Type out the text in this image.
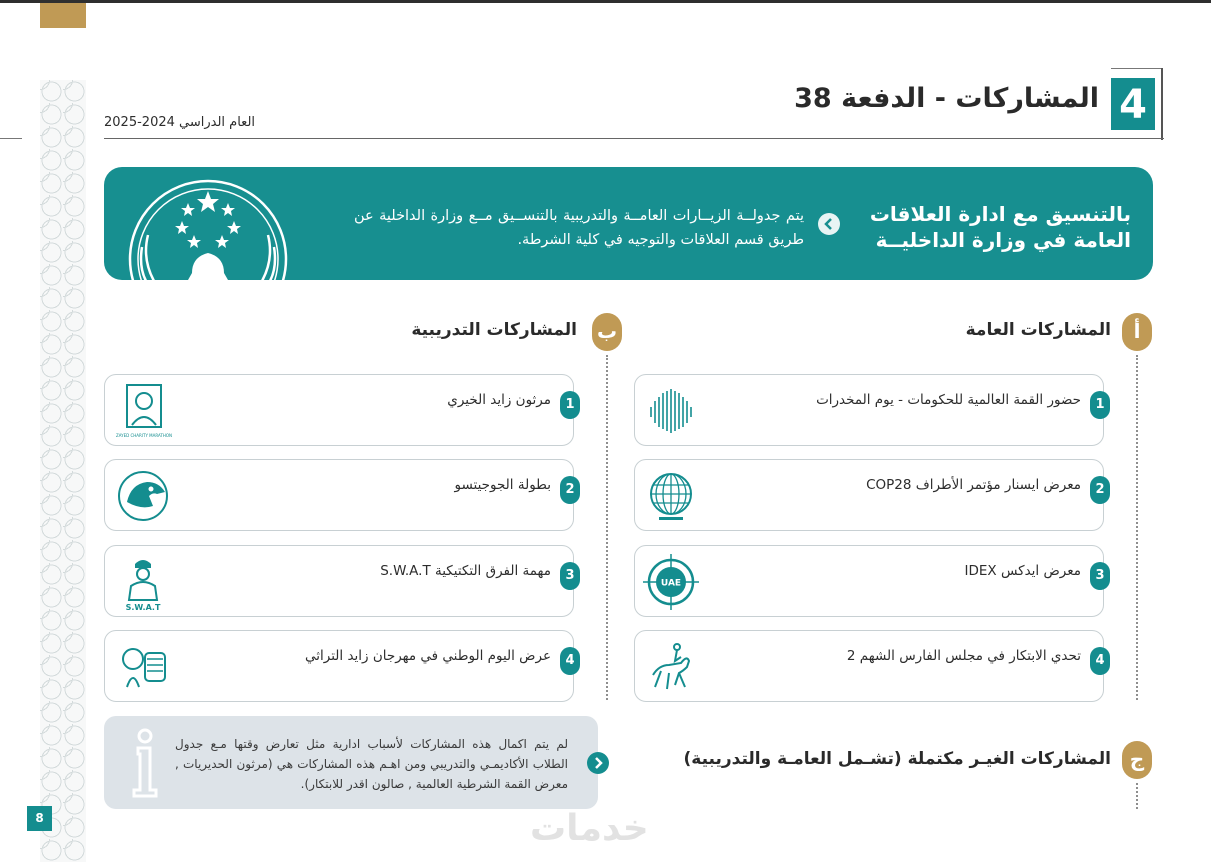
8
العام الدراسي 2024-2025
المشاركات - الدفعة 38 4
يتم جدولــة الزيــارات العامــة والتدريبية بالتنســيق مــع وزارة الداخلية عن طريق قسم العلاقات والتوجيه في كلية الشرطة.
بالتنسيق مع ادارة العلاقات العامة في وزارة الداخليــة
أ
المشاركات العامة
1
حضور القمة العالمية للحكومات - يوم المخدرات
2
معرض ايسنار مؤتمر الأطراف COP28
3
معرض ايدكس IDEX
UAE
4
تحدي الابتكار في مجلس الفارس الشهم 2
ب
المشاركات التدريبية
1
مرثون زايد الخيري
ZAYED CHARITY MARATHON
2
بطولة الجوجيتسو
3
مهمة الفرق التكتيكية S.W.A.T
S.W.A.T
4
عرض اليوم الوطني في مهرجان زايد التراثي
ج
المشاركات الغيـر مكتملة (تشـمل العامـة والتدريبية)
لم يتم اكمال هذه المشاركات لأسباب ادارية مثل تعارض وقتها مـع جدول الطلاب الأكاديمـي والتدريبي ومن اهـم هذه المشاركات هي (مرثون الحديريات , معرض القمة الشرطية العالمية , صالون اقدر للابتكار).
خدمات
